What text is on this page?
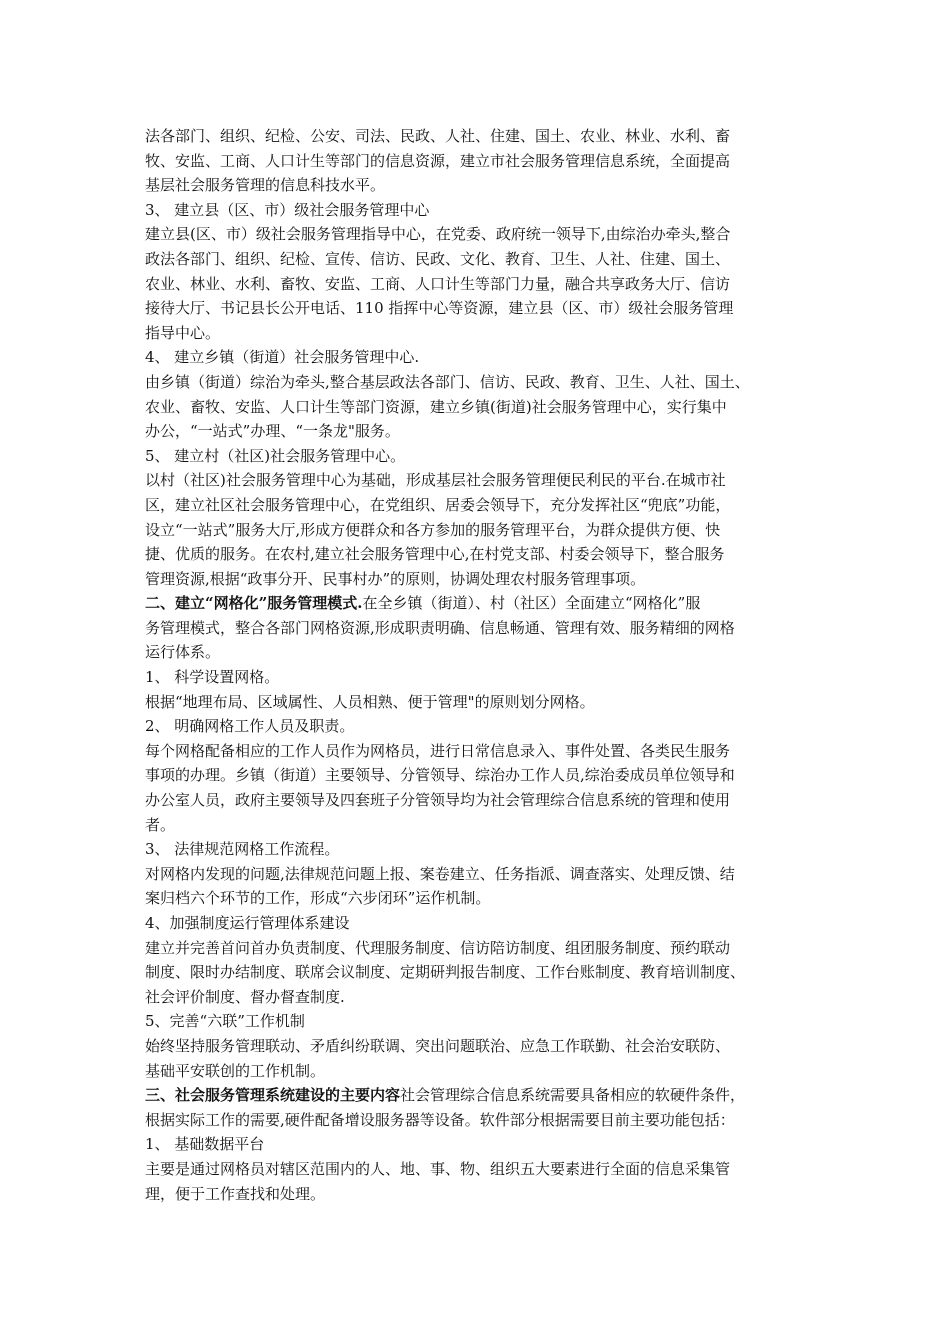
法各部门、组织、纪检、公安、司法、民政、人社、住建、国土、农业、林业、水利、畜

牧、安监、工商、人口计生等部门的信息资源，建立市社会服务管理信息系统，全面提高

基层社会服务管理的信息科技水平。

3、 建立县（区、市）级社会服务管理中心

建立县(区、市）级社会服务管理指导中心，在党委、政府统一领导下,由综治办牵头,整合

政法各部门、组织、纪检、宣传、信访、民政、文化、教育、卫生、人社、住建、国土、

农业、林业、水利、畜牧、安监、工商、人口计生等部门力量，融合共享政务大厅、信访

接待大厅、书记县长公开电话、110 指挥中心等资源，建立县（区、市）级社会服务管理

指导中心。

4、 建立乡镇（街道）社会服务管理中心.

由乡镇（街道）综治为牵头,整合基层政法各部门、信访、民政、教育、卫生、人社、国土、

农业、畜牧、安监、人口计生等部门资源，建立乡镇(街道)社会服务管理中心，实行集中

办公，“一站式”办理、“一条龙"服务。

5、 建立村（社区)社会服务管理中心。

以村（社区)社会服务管理中心为基础，形成基层社会服务管理便民利民的平台.在城市社

区，建立社区社会服务管理中心，在党组织、居委会领导下，充分发挥社区“兜底”功能，

设立“一站式”服务大厅,形成方便群众和各方参加的服务管理平台，为群众提供方便、快

捷、优质的服务。在农村,建立社会服务管理中心,在村党支部、村委会领导下，整合服务

管理资源,根据“政事分开、民事村办”的原则，协调处理农村服务管理事项。

二、建立“网格化”服务管理模式.在全乡镇（街道）、村（社区）全面建立“网格化”服

务管理模式，整合各部门网格资源,形成职责明确、信息畅通、管理有效、服务精细的网格

运行体系。

1、 科学设置网格。

根据“地理布局、区域属性、人员相熟、便于管理"的原则划分网格。

2、 明确网格工作人员及职责。

每个网格配备相应的工作人员作为网格员，进行日常信息录入、事件处置、各类民生服务

事项的办理。乡镇（街道）主要领导、分管领导、综治办工作人员,综治委成员单位领导和

办公室人员，政府主要领导及四套班子分管领导均为社会管理综合信息系统的管理和使用

者。

3、 法律规范网格工作流程。

对网格内发现的问题,法律规范问题上报、案卷建立、任务指派、调查落实、处理反馈、结

案归档六个环节的工作，形成“六步闭环”运作机制。

4、加强制度运行管理体系建设

建立并完善首问首办负责制度、代理服务制度、信访陪访制度、组团服务制度、预约联动

制度、限时办结制度、联席会议制度、定期研判报告制度、工作台账制度、教育培训制度、

社会评价制度、督办督查制度.

5、完善“六联”工作机制

始终坚持服务管理联动、矛盾纠纷联调、突出问题联治、应急工作联勤、社会治安联防、

基础平安联创的工作机制。

三、社会服务管理系统建设的主要内容社会管理综合信息系统需要具备相应的软硬件条件，

根据实际工作的需要,硬件配备增设服务器等设备。软件部分根据需要目前主要功能包括：

1、 基础数据平台

主要是通过网格员对辖区范围内的人、地、事、物、组织五大要素进行全面的信息采集管

理，便于工作查找和处理。
